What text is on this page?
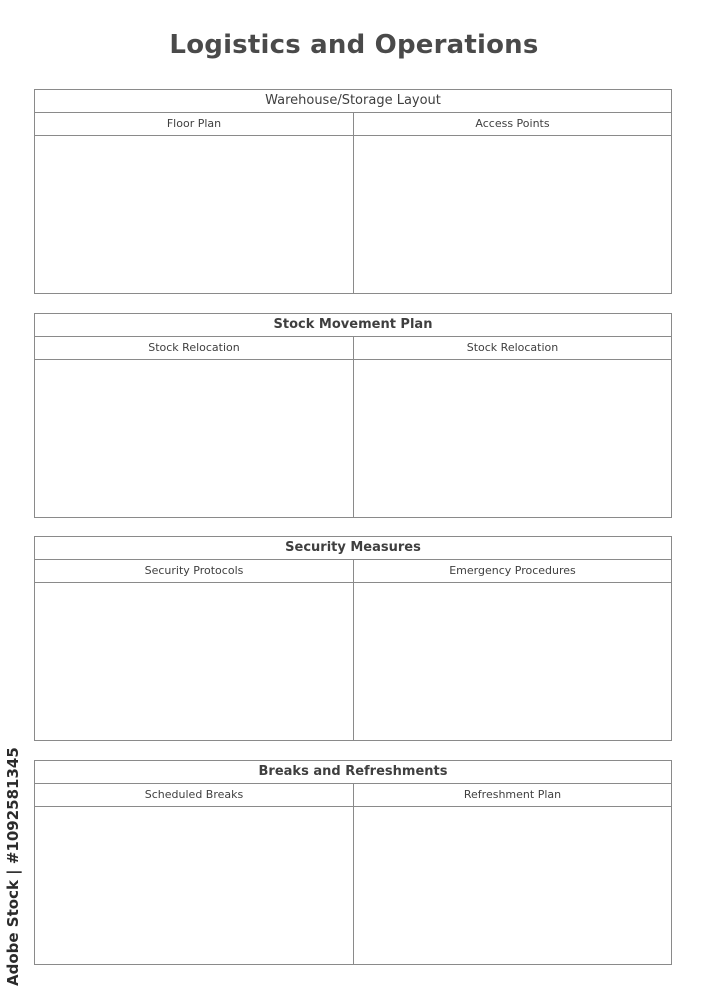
Logistics and Operations
Warehouse/Storage Layout
Floor Plan	Access Points
Stock Movement Plan
Stock Relocation	Stock Relocation
Security Measures
Security Protocols	Emergency Procedures
Breaks and Refreshments
Scheduled Breaks	Refreshment Plan
Adobe Stock | #1092581345
